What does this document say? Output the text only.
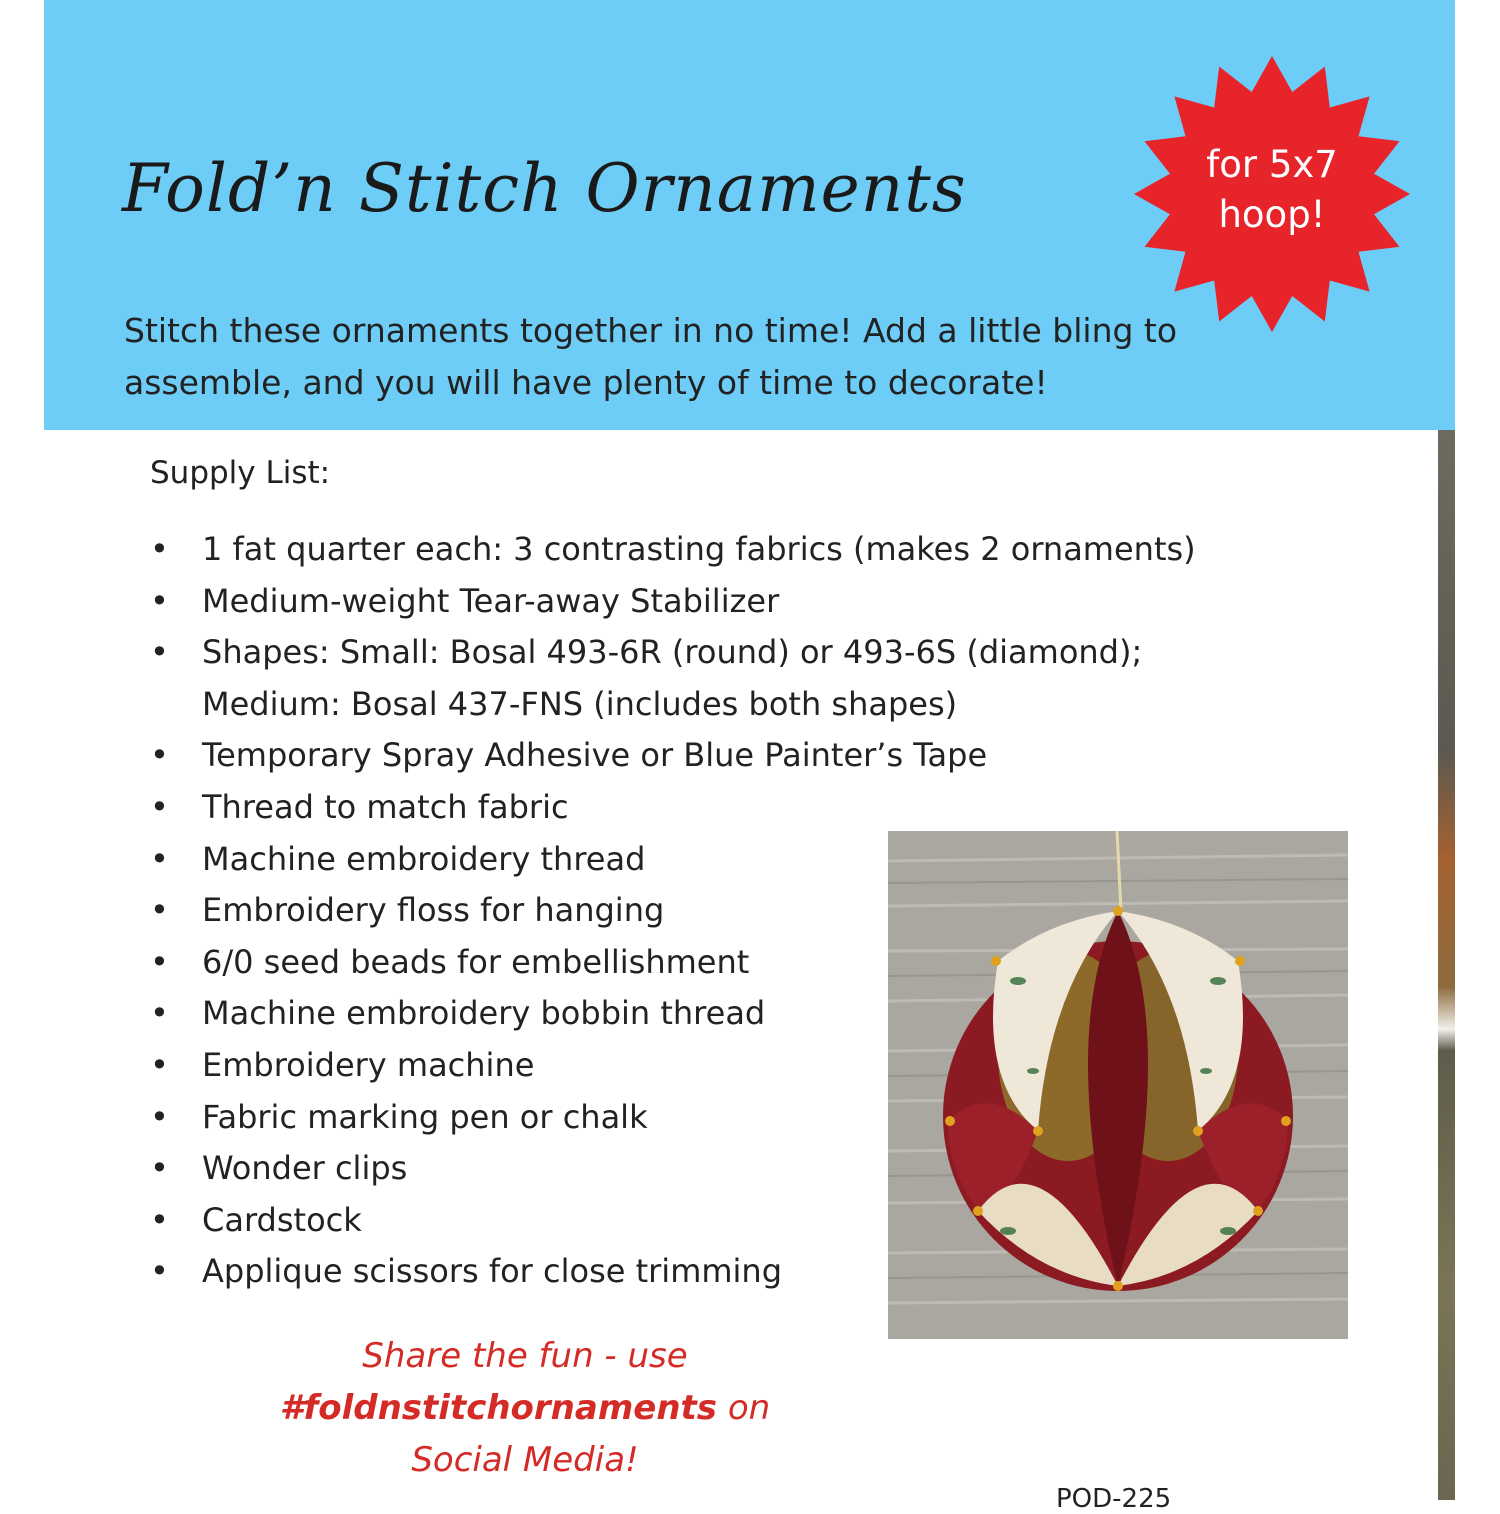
Fold’n Stitch Ornaments	for 5x7
hoop!
Stitch these ornaments together in no time! Add a little bling to
assemble, and you will have plenty of time to decorate!
Supply List:
• 1 fat quarter each: 3 contrasting fabrics (makes 2 ornaments)
• Medium-weight Tear-away Stabilizer
• Shapes: Small: Bosal 493-6R (round) or 493-6S (diamond);
Medium: Bosal 437-FNS (includes both shapes)
• Temporary Spray Adhesive or Blue Painter’s Tape
• Thread to match fabric
• Machine embroidery thread
• Embroidery floss for hanging
• 6/0 seed beads for embellishment
• Machine embroidery bobbin thread
• Embroidery machine
• Fabric marking pen or chalk
• Wonder clips
• Cardstock
• Applique scissors for close trimming
Share the fun - use
#foldnstitchornaments on
Social Media!
POD-225
